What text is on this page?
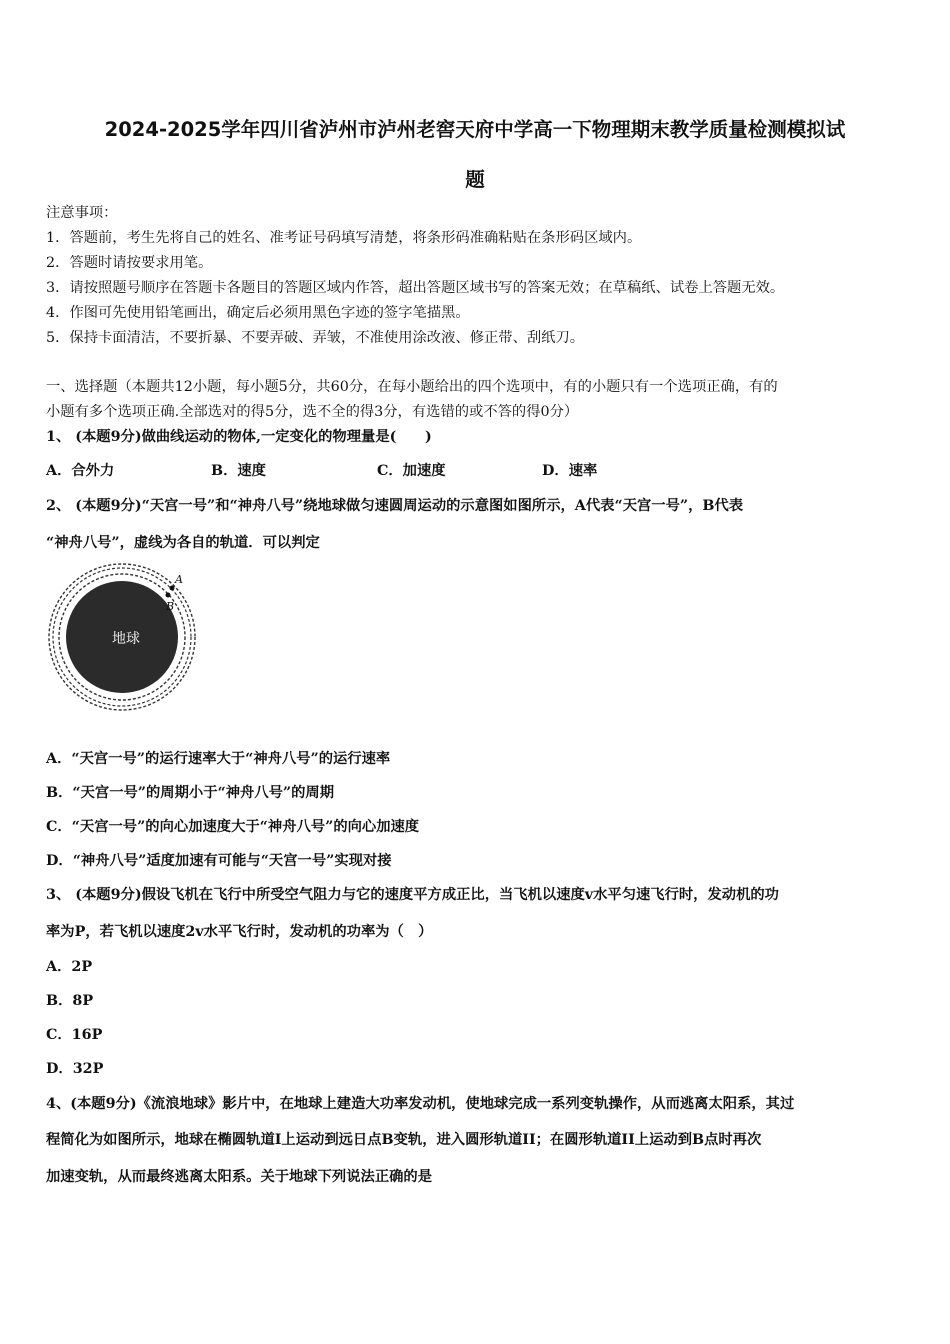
2024-2025学年四川省泸州市泸州老窖天府中学高一下物理期末教学质量检测模拟试
题
注意事项：
1．答题前，考生先将自己的姓名、准考证号码填写清楚，将条形码准确粘贴在条形码区域内。
2．答题时请按要求用笔。
3．请按照题号顺序在答题卡各题目的答题区域内作答，超出答题区域书写的答案无效；在草稿纸、试卷上答题无效。
4．作图可先使用铅笔画出，确定后必须用黑色字迹的签字笔描黑。
5．保持卡面清洁，不要折暴、不要弄破、弄皱，不准使用涂改液、修正带、刮纸刀。
一、选择题（本题共12小题，每小题5分，共60分，在每小题给出的四个选项中，有的小题只有一个选项正确，有的
小题有多个选项正确.全部选对的得5分，选不全的得3分，有选错的或不答的得0分）
1、 (本题9分)做曲线运动的物体,一定变化的物理量是(　　)
A．合外力	B．速度	C．加速度	D．速率
2、 (本题9分)“天宫一号”和“神舟八号”绕地球做匀速圆周运动的示意图如图所示，A代表“天宫一号”，B代表
“神舟八号”，虚线为各自的轨道．可以判定
地球
A
B
A．“天宫一号”的运行速率大于“神舟八号”的运行速率
B．“天宫一号”的周期小于“神舟八号”的周期
C．“天宫一号”的向心加速度大于“神舟八号”的向心加速度
D．“神舟八号”适度加速有可能与“天宫一号”实现对接
3、 (本题9分)假设飞机在飞行中所受空气阻力与它的速度平方成正比，当飞机以速度v水平匀速飞行时，发动机的功
率为P，若飞机以速度2v水平飞行时，发动机的功率为（　）
A．2P
B．8P
C．16P
D．32P
4、(本题9分)《流浪地球》影片中，在地球上建造大功率发动机，使地球完成一系列变轨操作，从而逃离太阳系，其过
程简化为如图所示，地球在椭圆轨道I上运动到远日点B变轨，进入圆形轨道II；在圆形轨道II上运动到B点时再次
加速变轨，从而最终逃离太阳系。关于地球下列说法正确的是
